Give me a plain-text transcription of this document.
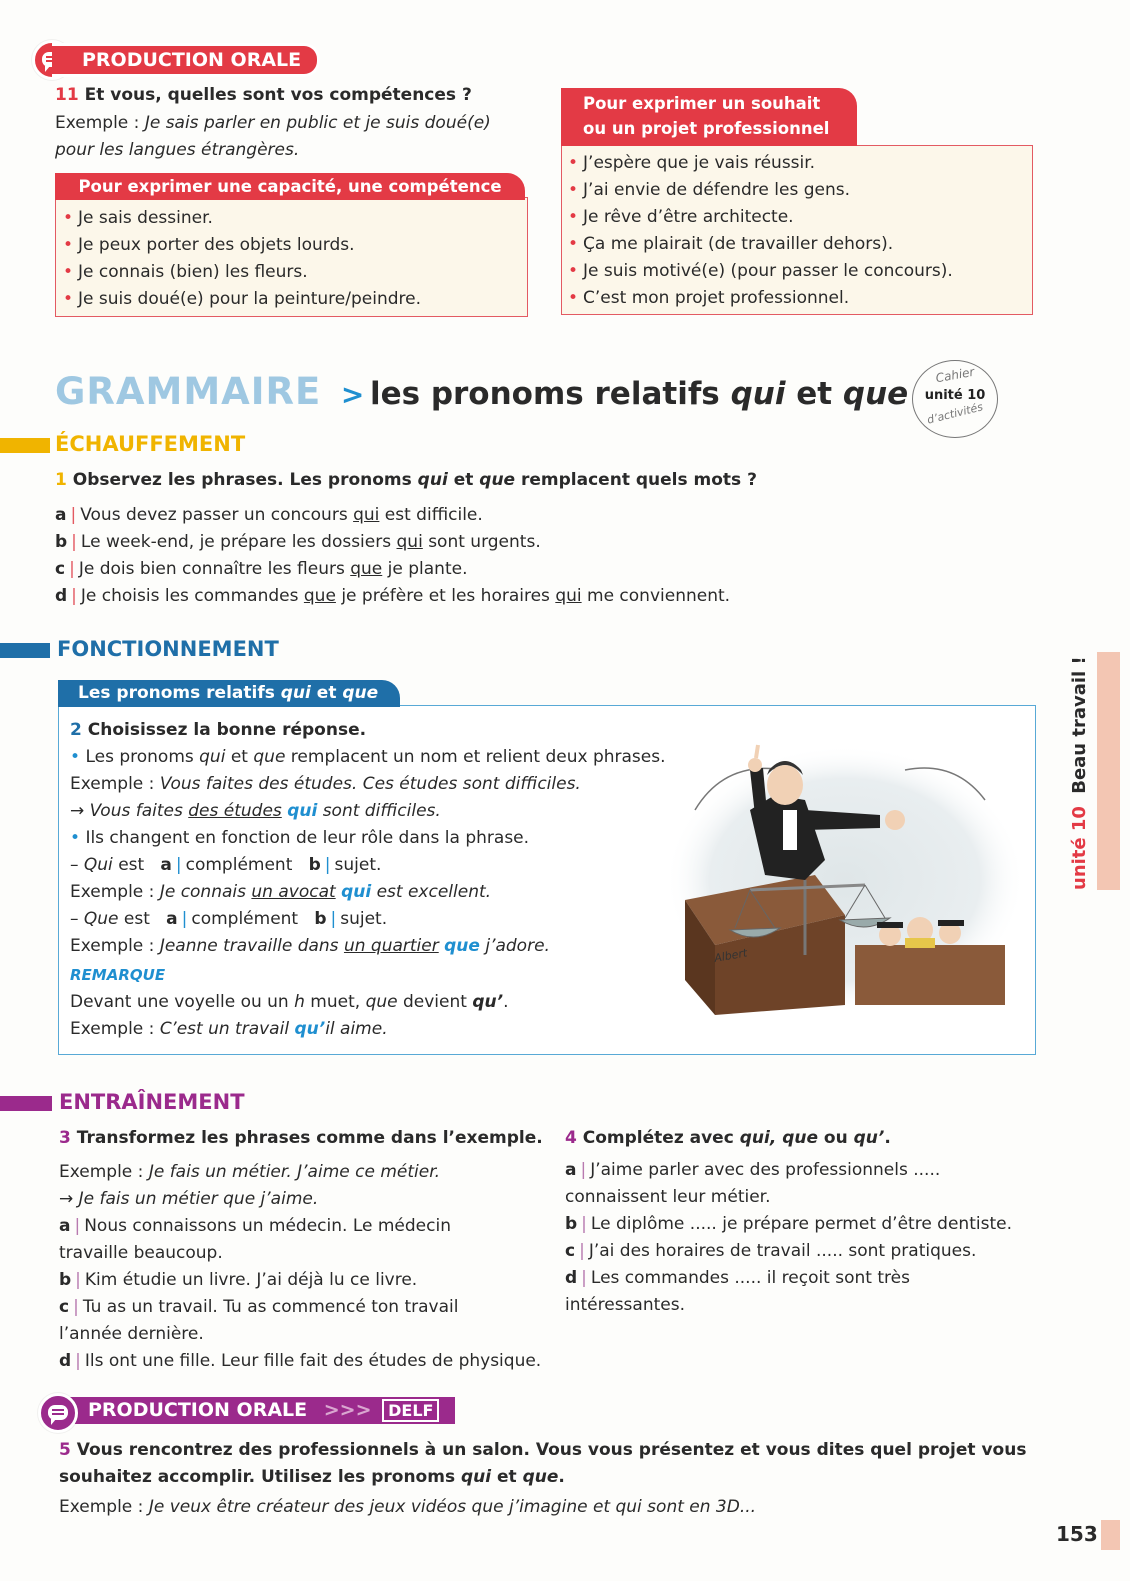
PRODUCTION ORALE
11 Et vous, quelles sont vos compétences ?
Exemple : Je sais parler en public et je suis doué(e)
pour les langues étrangères.
Pour exprimer une capacité, une compétence
• Je sais dessiner.
• Je peux porter des objets lourds.
• Je connais (bien) les fleurs.
• Je suis doué(e) pour la peinture/peindre.
Pour exprimer un souhait
ou un projet professionnel
• J’espère que je vais réussir.
• J’ai envie de défendre les gens.
• Je rêve d’être architecte.
• Ça me plairait (de travailler dehors).
• Je suis motivé(e) (pour passer le concours).
• C’est mon projet professionnel.
GRAMMAIRE > les pronoms relatifs qui et que
Cahier
unité 10
d’activités
ÉCHAUFFEMENT
1 Observez les phrases. Les pronoms qui et que remplacent quels mots ?
a | Vous devez passer un concours qui est difficile.
b | Le week-end, je prépare les dossiers qui sont urgents.
c | Je dois bien connaître les fleurs que je plante.
d | Je choisis les commandes que je préfère et les horaires qui me conviennent.
FONCTIONNEMENT
Les pronoms relatifs qui et que
2 Choisissez la bonne réponse.
• Les pronoms qui et que remplacent un nom et relient deux phrases.
Exemple : Vous faites des études. Ces études sont difficiles.
→ Vous faites des études qui sont difficiles.
• Ils changent en fonction de leur rôle dans la phrase.
– Qui est a | complément b | sujet.
Exemple : Je connais un avocat qui est excellent.
– Que est a | complément b | sujet.
Exemple : Jeanne travaille dans un quartier que j’adore.
REMARQUE
Devant une voyelle ou un h muet, que devient qu’.
Exemple : C’est un travail qu’il aime.
Albert
ENTRAÎNEMENT
3 Transformez les phrases comme dans l’exemple.
Exemple : Je fais un métier. J’aime ce métier.
→ Je fais un métier que j’aime.
a | Nous connaissons un médecin. Le médecin
travaille beaucoup.
b | Kim étudie un livre. J’ai déjà lu ce livre.
c | Tu as un travail. Tu as commencé ton travail
l’année dernière.
d | Ils ont une fille. Leur fille fait des études de physique.
4 Complétez avec qui, que ou qu’.
a | J’aime parler avec des professionnels .....
connaissent leur métier.
b | Le diplôme ..... je prépare permet d’être dentiste.
c | J’ai des horaires de travail ..... sont pratiques.
d | Les commandes ..... il reçoit sont très
intéressantes.
PRODUCTION ORALE >>> DELF
5 Vous rencontrez des professionnels à un salon. Vous vous présentez et vous dites quel projet vous
souhaitez accomplir. Utilisez les pronoms qui et que.
Exemple : Je veux être créateur des jeux vidéos que j’imagine et qui sont en 3D...
unité 10 Beau travail !
153
